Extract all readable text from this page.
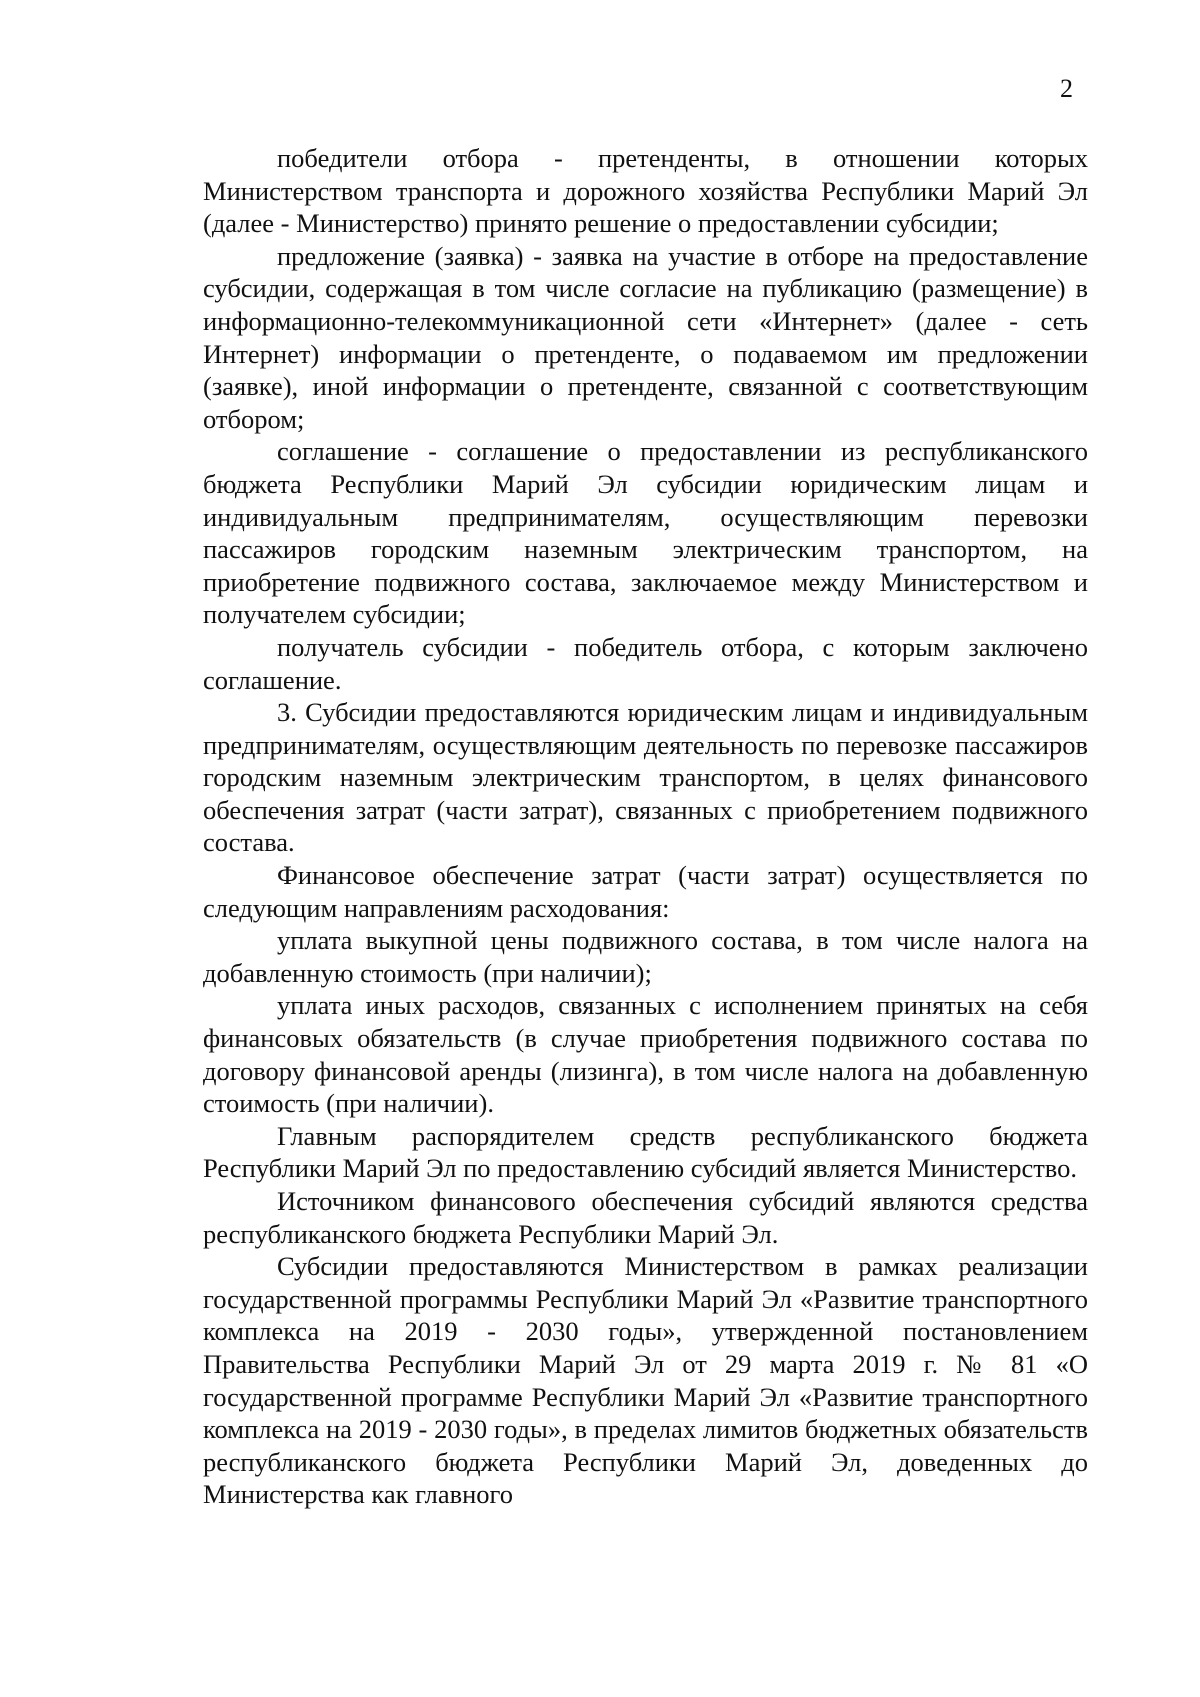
2

победители отбора - претенденты, в отношении которых Министерством транспорта и дорожного хозяйства Республики Марий Эл (далее - Министерство) принято решение о предоставлении субсидии;

предложение (заявка) - заявка на участие в отборе на предоставление субсидии, содержащая в том числе согласие на публикацию (размещение) в информационно-телекоммуникационной сети «Интернет» (далее - сеть Интернет) информации о претенденте, о подаваемом им предложении (заявке), иной информации о претенденте, связанной с соответствующим отбором;

соглашение - соглашение о предоставлении из республиканского бюджета Республики Марий Эл субсидии юридическим лицам и индивидуальным предпринимателям, осуществляющим перевозки пассажиров городским наземным электрическим транспортом, на приобретение подвижного состава, заключаемое между Министерством и получателем субсидии;

получатель субсидии - победитель отбора, с которым заключено соглашение.

3. Субсидии предоставляются юридическим лицам и индивидуальным предпринимателям, осуществляющим деятельность по перевозке пассажиров городским наземным электрическим транспортом, в целях финансового обеспечения затрат (части затрат), связанных с приобретением подвижного состава.

Финансовое обеспечение затрат (части затрат) осуществляется по следующим направлениям расходования:

уплата выкупной цены подвижного состава, в том числе налога на добавленную стоимость (при наличии);

уплата иных расходов, связанных с исполнением принятых на себя финансовых обязательств (в случае приобретения подвижного состава по договору финансовой аренды (лизинга), в том числе налога на добавленную стоимость (при наличии).

Главным распорядителем средств республиканского бюджета Республики Марий Эл по предоставлению субсидий является Министерство.

Источником финансового обеспечения субсидий являются средства республиканского бюджета Республики Марий Эл.

Субсидии предоставляются Министерством в рамках реализации государственной программы Республики Марий Эл «Развитие транспортного комплекса на 2019 - 2030 годы», утвержденной постановлением Правительства Республики Марий Эл от 29 марта 2019 г. № 81 «О государственной программе Республики Марий Эл «Развитие транспортного комплекса на 2019 - 2030 годы», в пределах лимитов бюджетных обязательств республиканского бюджета Республики Марий Эл, доведенных до Министерства как главного
